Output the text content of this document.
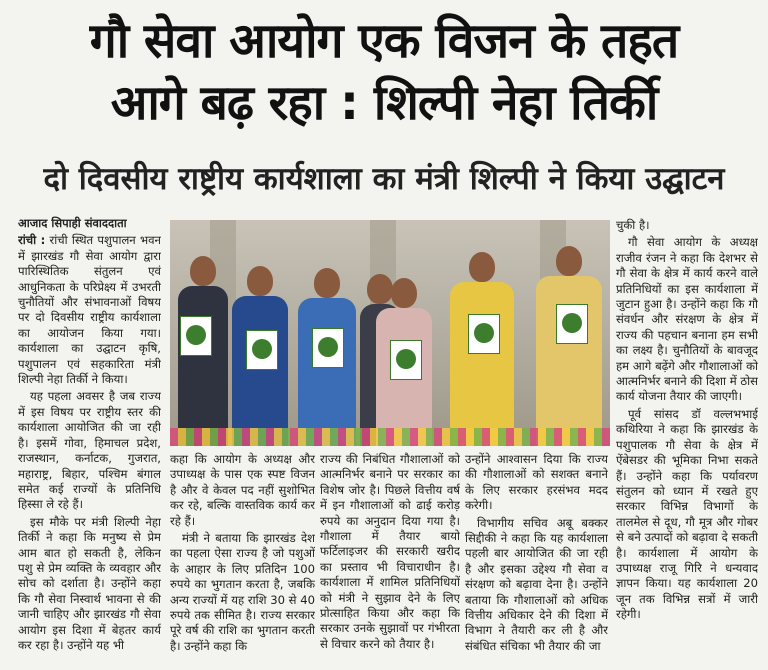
गौ सेवा आयोग एक विजन के तहत
आगे बढ़ रहा : शिल्पी नेहा तिर्की
दो दिवसीय राष्ट्रीय कार्यशाला का मंत्री शिल्पी ने किया उद्घाटन

आजाद सिपाही संवाददाता

रांची : रांची स्थित पशुपालन भवन में झारखंड गौ सेवा आयोग द्वारा पारिस्थितिक संतुलन एवं आधुनिकता के परिप्रेक्ष्य में उभरती चुनौतियों और संभावनाओं विषय पर दो दिवसीय राष्ट्रीय कार्यशाला का आयोजन किया गया। कार्यशाला का उद्घाटन कृषि, पशुपालन एवं सहकारिता मंत्री शिल्पी नेहा तिर्की ने किया।

यह पहला अवसर है जब राज्य में इस विषय पर राष्ट्रीय स्तर की कार्यशाला आयोजित की जा रही है। इसमें गोवा, हिमाचल प्रदेश, राजस्थान, कर्नाटक, गुजरात, महाराष्ट्र, बिहार, पश्चिम बंगाल समेत कई राज्यों के प्रतिनिधि हिस्सा ले रहे हैं।

इस मौके पर मंत्री शिल्पी नेहा तिर्की ने कहा कि मनुष्य से प्रेम आम बात हो सकती है, लेकिन पशु से प्रेम व्यक्ति के व्यवहार और सोच को दर्शाता है। उन्होंने कहा कि गौ सेवा निस्वार्थ भावना से की जानी चाहिए और झारखंड गौ सेवा आयोग इस दिशा में बेहतर कार्य कर रहा है। उन्होंने यह भी

कहा कि आयोग के अध्यक्ष और उपाध्यक्ष के पास एक स्पष्ट विजन है और वे केवल पद नहीं सुशोभित कर रहे, बल्कि वास्तविक कार्य कर रहे हैं।

मंत्री ने बताया कि झारखंड देश का पहला ऐसा राज्य है जो पशुओं के आहार के लिए प्रतिदिन 100 रुपये का भुगतान करता है, जबकि अन्य राज्यों में यह राशि 30 से 40 रुपये तक सीमित है। राज्य सरकार पूरे वर्ष की राशि का भुगतान करती है। उन्होंने कहा कि

राज्य की निबंधित गौशालाओं को आत्मनिर्भर बनाने पर सरकार का विशेष जोर है। पिछले वित्तीय वर्ष में इन गौशालाओं को ढाई करोड़ रुपये का अनुदान दिया गया है। गौशाला में तैयार बायो फर्टिलाइजर की सरकारी खरीद का प्रस्ताव भी विचाराधीन है। कार्यशाला में शामिल प्रतिनिधियों को मंत्री ने सुझाव देने के लिए प्रोत्साहित किया और कहा कि सरकार उनके सुझावों पर गंभीरता से विचार करने को तैयार है।

उन्होंने आश्वासन दिया कि राज्य की गौशालाओं को सशक्त बनाने के लिए सरकार हरसंभव मदद करेगी।

विभागीय सचिव अबू बक्कर सिद्दीकी ने कहा कि यह कार्यशाला पहली बार आयोजित की जा रही है और इसका उद्देश्य गौ सेवा व संरक्षण को बढ़ावा देना है। उन्होंने बताया कि गौशालाओं को अधिक वित्तीय अधिकार देने की दिशा में विभाग ने तैयारी कर ली है और संबंधित संचिका भी तैयार की जा

चुकी है।

गौ सेवा आयोग के अध्यक्ष राजीव रंजन ने कहा कि देशभर से गौ सेवा के क्षेत्र में कार्य करने वाले प्रतिनिधियों का इस कार्यशाला में जुटान हुआ है। उन्होंने कहा कि गौ संवर्धन और संरक्षण के क्षेत्र में राज्य की पहचान बनाना हम सभी का लक्ष्य है। चुनौतियों के बावजूद हम आगे बढ़ेंगे और गौशालाओं को आत्मनिर्भर बनाने की दिशा में ठोस कार्य योजना तैयार की जाएगी।

पूर्व सांसद डॉ वल्लभभाई कथिरिया ने कहा कि झारखंड के पशुपालक गौ सेवा के क्षेत्र में ऐंबेसडर की भूमिका निभा सकते हैं। उन्होंने कहा कि पर्यावरण संतुलन को ध्यान में रखते हुए सरकार विभिन्न विभागों के तालमेल से दूध, गौ मूत्र और गोबर से बने उत्पादों को बढ़ावा दे सकती है। कार्यशाला में आयोग के उपाध्यक्ष राजू गिरि ने धन्यवाद ज्ञापन किया। यह कार्यशाला 20 जून तक विभिन्न सत्रों में जारी रहेगी।
